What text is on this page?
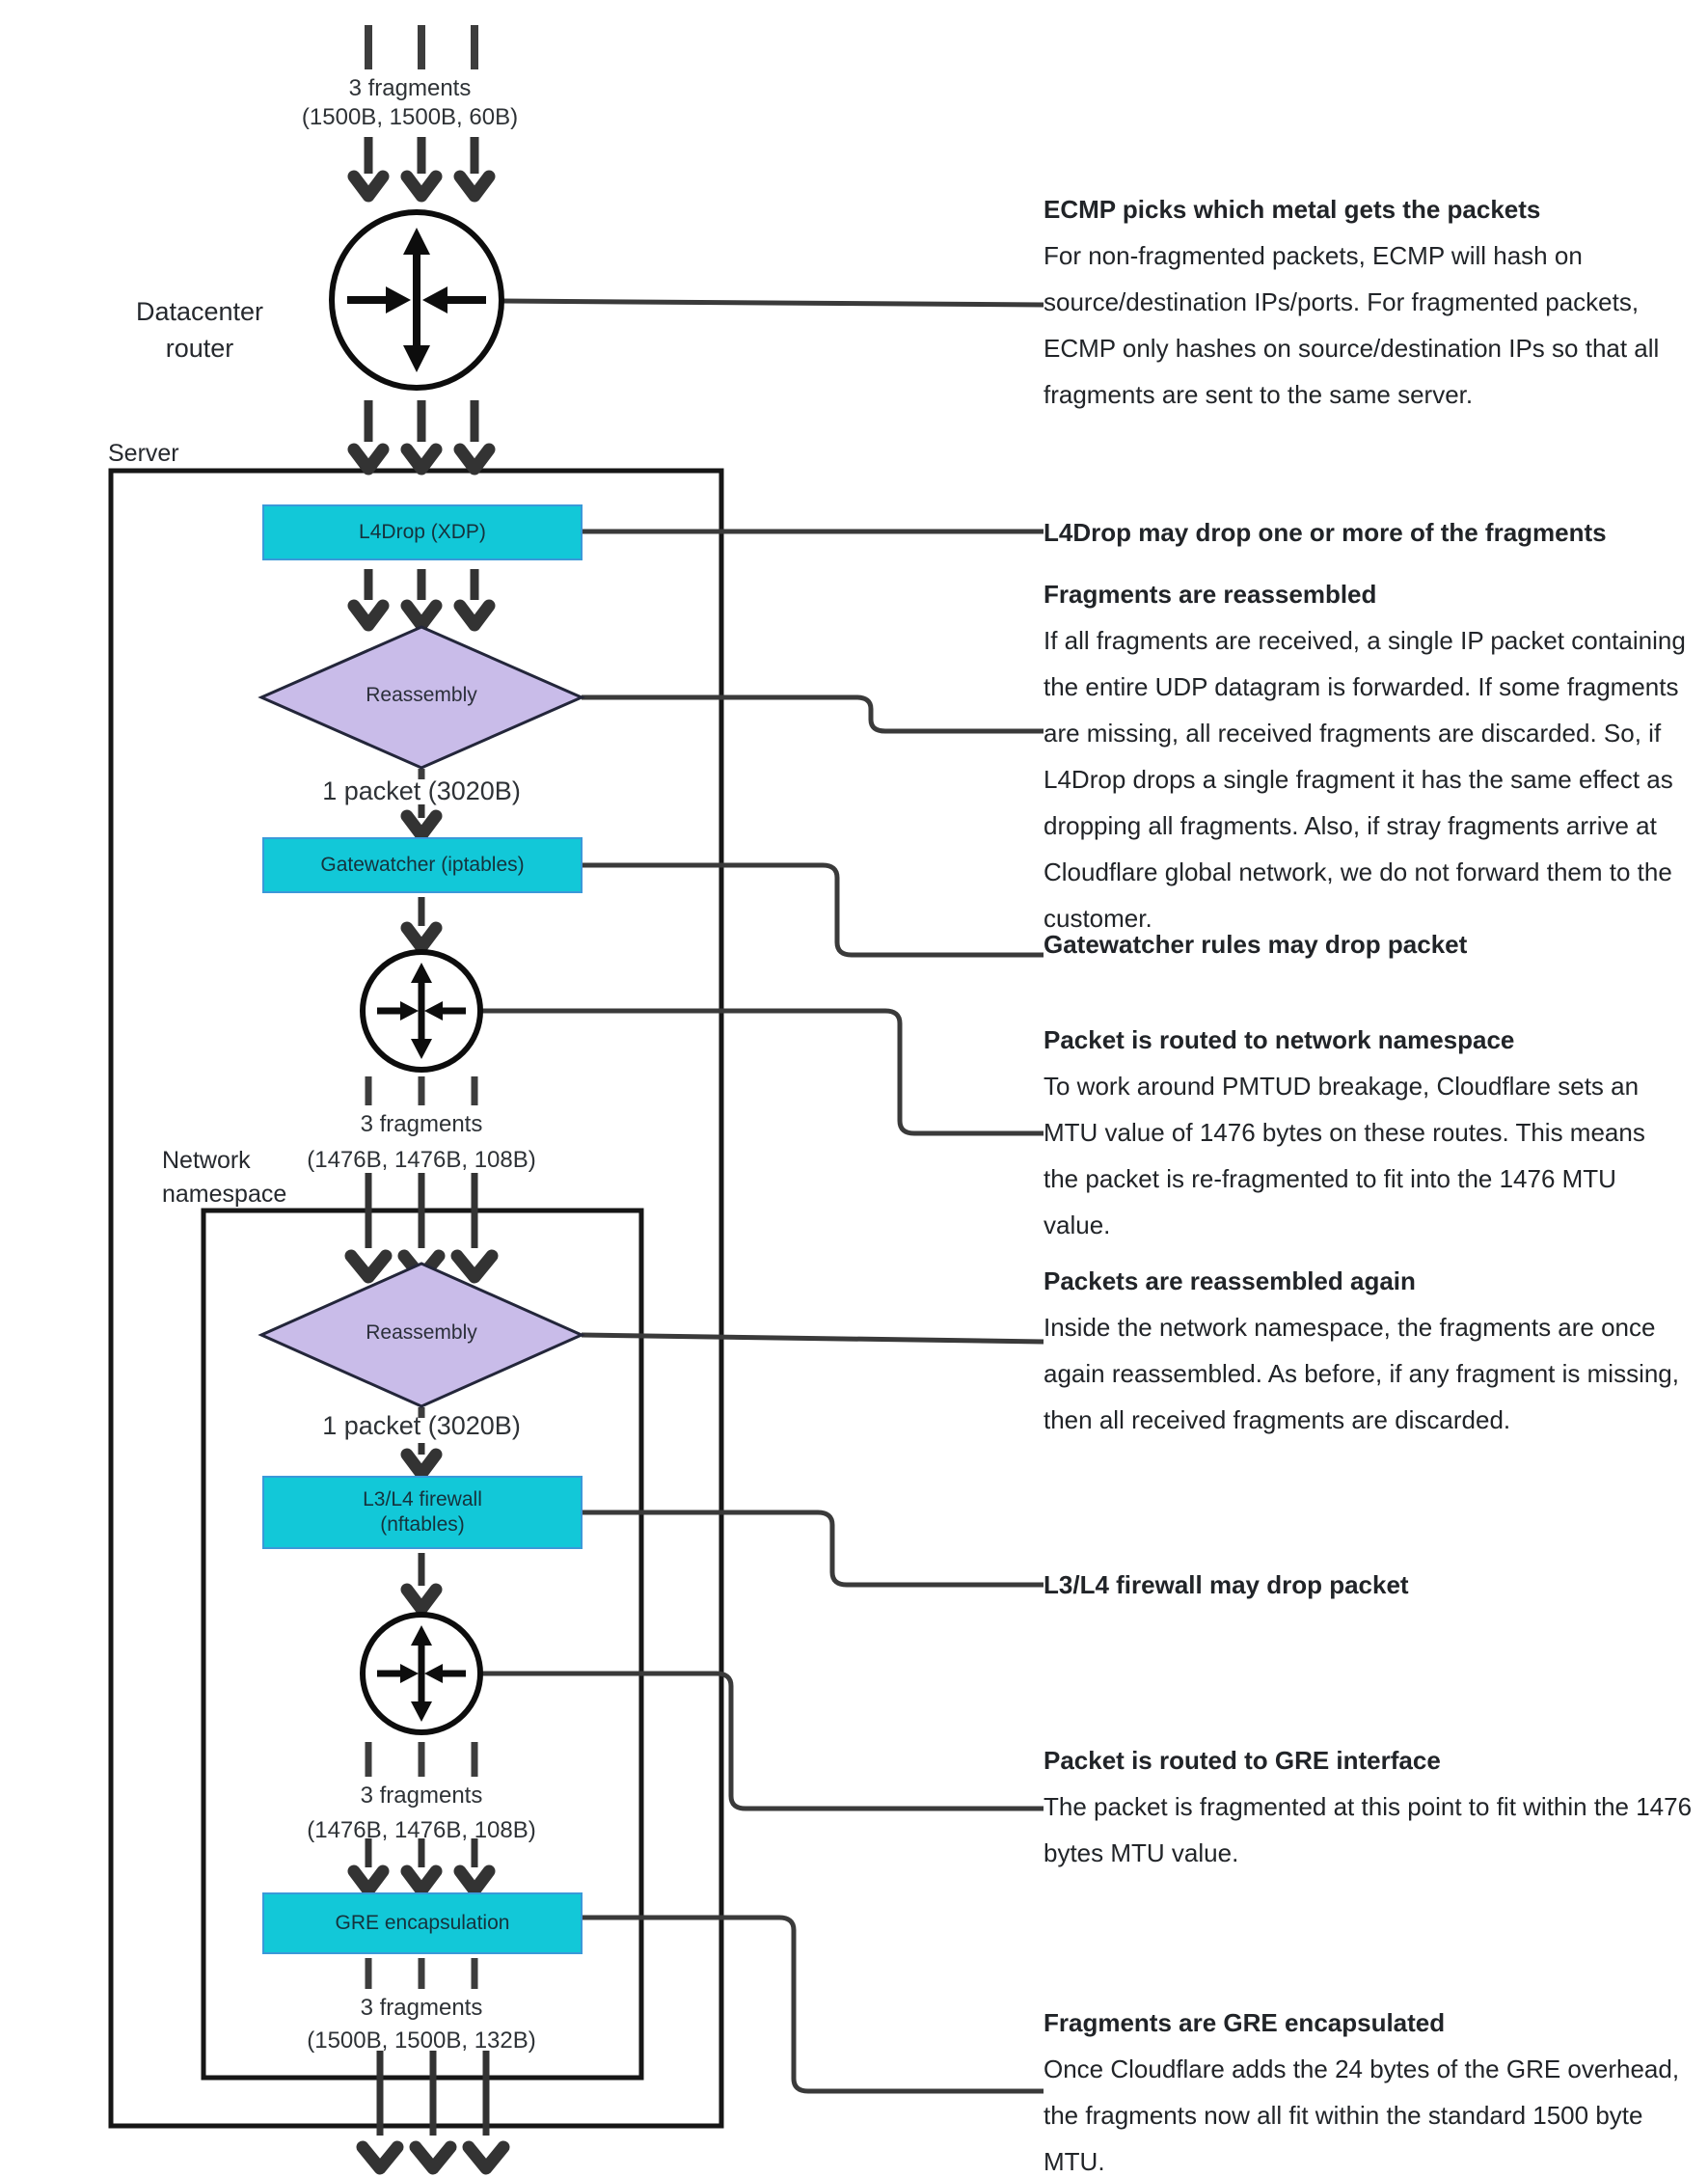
3 fragments
(1500B, 1500B, 60B)
Datacenter
router
Server
L4Drop (XDP)
Reassembly
1 packet (3020B)
Gatewatcher (iptables)
3 fragments
(1476B, 1476B, 108B)
Network
namespace
Reassembly
1 packet (3020B)
L3/L4 firewall
(nftables)
3 fragments
(1476B, 1476B, 108B)
GRE encapsulation
3 fragments
(1500B, 1500B, 132B)
ECMP picks which metal gets the packets
For non-fragmented packets, ECMP will hash on source/destination IPs/ports. For fragmented packets, ECMP only hashes on source/destination IPs so that all fragments are sent to the same server.
L4Drop may drop one or more of the fragments
Fragments are reassembled
If all fragments are received, a single IP packet containing the entire UDP datagram is forwarded. If some fragments are missing, all received fragments are discarded. So, if L4Drop drops a single fragment it has the same effect as dropping all fragments. Also, if stray fragments arrive at Cloudflare global network, we do not forward them to the customer.
Gatewatcher rules may drop packet
Packet is routed to network namespace
To work around PMTUD breakage, Cloudflare sets an MTU value of 1476 bytes on these routes. This means the packet is re-fragmented to fit into the 1476 MTU value.
Packets are reassembled again
Inside the network namespace, the fragments are once again reassembled. As before, if any fragment is missing, then all received fragments are discarded.
L3/L4 firewall may drop packet
Packet is routed to GRE interface
The packet is fragmented at this point to fit within the 1476 bytes MTU value.
Fragments are GRE encapsulated
Once Cloudflare adds the 24 bytes of the GRE overhead, the fragments now all fit within the standard 1500 byte MTU.
